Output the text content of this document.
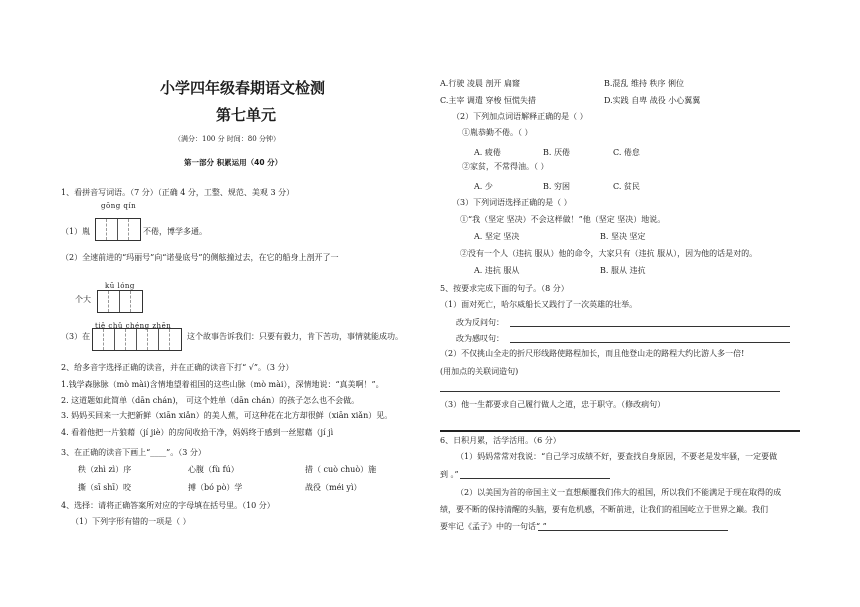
小学四年级春期语文检测
第七单元
（满分：100 分 时间：80 分钟）
第一部分 积累运用（40 分）
1、看拼音写词语。（7 分）（正确 4 分，工整、规范、美观 3 分）
gōng qín
（1）胤	不倦，博学多通。
（2）全速前进的“玛丽号”向“诺曼底号”的侧舷撞过去，在它的船身上剖开了一
kū lóng
个大
tiě chǔ chéng zhēn
（3）在	这个故事告诉我们：只要有毅力，肯下苦功，事情就能成功。
2、给多音字选择正确的读音，并在正确的读音下打“ √”。（3 分）
1.钱学森脉脉（mò mài)含情地望着祖国的这些山脉（mò mài），深情地说：“真美啊！”。
2. 这道题如此简单（dān chán)， 可这个姓单（dān chán）的孩子怎么也不会做。
3. 妈妈买回来一大把新鲜（xiān xiǎn）的美人蕉，可这种花在北方却很鲜（xiān xiǎn）见。
4. 看着他把一片狼藉（jí jiè）的房间收拾干净，妈妈终于感到一丝慰藉（jí jì
3、在正确的读音下画上“____”。（3 分）
秩（zhì zì）序	心腹（fù fú）	措（ cuò chuò）施
撕（sī shī）咬	搏（bó pò）学	战役（méi yì）
4、选择：请将正确答案所对应的字母填在括号里。（10 分）
（1）下列字形有错的一项是（ ）
A.行驶 凌晨 剖开 扁窿	B.混乱 维持 秩序 俐位
C.主宰 调遣 穿梭 恒慌失措	D.实践 自卑 战役 小心翼翼
（2）下列加点词语解释正确的是（ ）
①胤恭勤不倦。（ ）
A. 疲倦	B. 厌倦	C. 倦怠
②家贫，不常得油。（ ）
A. 少	B. 穷困	C. 贫民
（3）下列词语选择正确的是（ ）
①“我（坚定 坚决）不会这样做！”他（坚定 坚决）地说。
A. 坚定 坚决	B. 坚决 坚定
②没有一个人（违抗 服从）他的命令，大家只有（违抗 服从），因为他的话是对的。
A. 违抗 服从	B. 服从 违抗
5、按要求完成下面的句子。（8 分）
（1）面对死亡，哈尔威船长又践行了一次英雄的壮举。
改为反问句：
改为感叹句：
（2）不仅挑山全走的折尺形线路使路程加长，而且他登山走的路程大约比游人多一倍!
(用加点的关联词造句)
（3）他一生都要求自己履行做人之道，忠于职守。（修改病句）
6、日积月累，活学活用。（6 分）
（1）妈妈常常对我说：“自己学习成绩不好，要查找自身原因，不要老是发牢骚，一定要做
到 。”
（2）以美国为首的帝国主义一直想颠覆我们伟大的祖国，所以我们不能满足于现在取得的成
绩，要不断的保持清醒的头脑，要有危机感，不断前进，让我们的祖国屹立于世界之巅。我们
要牢记《孟子》中的一句话“ ”
